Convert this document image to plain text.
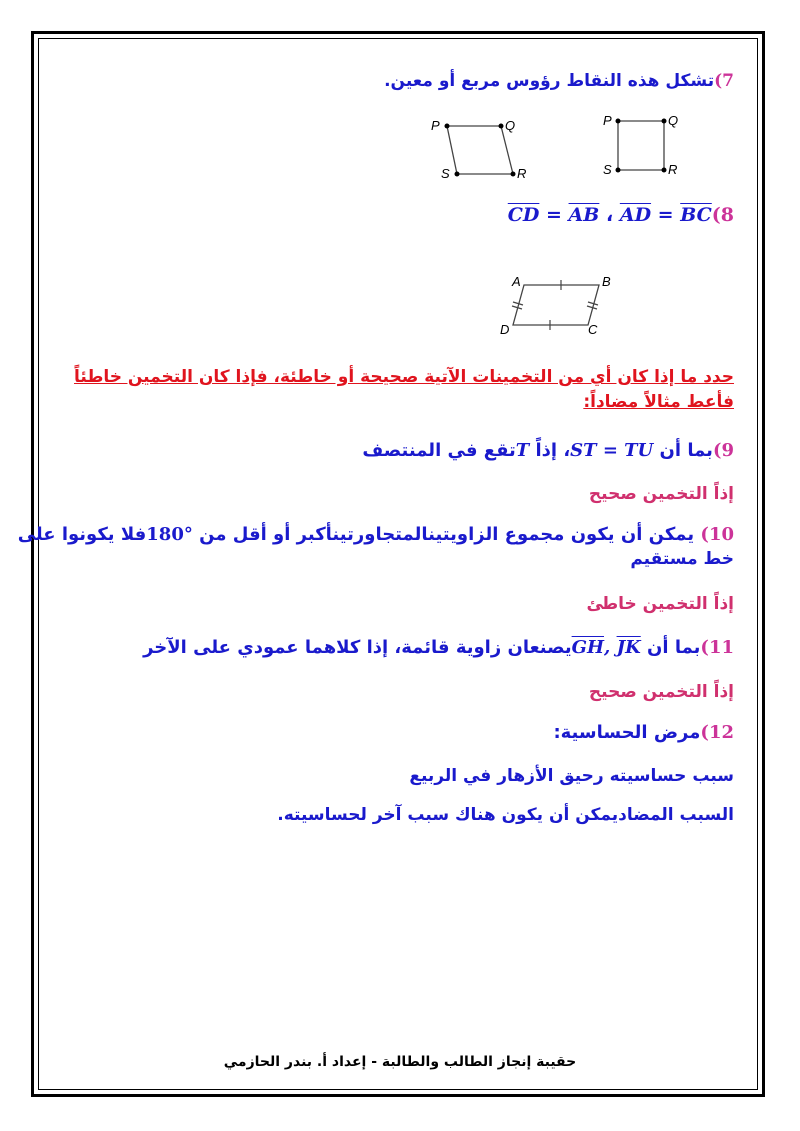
7)تشكل هذه النقاط رؤوس مربع أو معين.
P	Q
S	R
P	Q
S	R
8)CD = AB ، AD = BC
A	B
C
D
حدد ما إذا كان أي من التخمينات الآتية صحيحة أو خاطئة، فإذا كان التخمين خاطئاً
فأعط مثالاً مضاداً:
9)بما أن ST = TU، إذاً Tتقع في المنتصف
إذاً التخمين صحيح
10) يمكن أن يكون مجموع الزاويتينالمتجاورتينأكبر أو أقل من °180فلا يكونوا على
خط مستقيم
إذاً التخمين خاطئ
11)بما أن GH, JKيصنعان زاوية قائمة، إذا كلاهما عمودي على الآخر
إذاً التخمين صحيح
12)مرض الحساسية:
سبب حساسيته رحيق الأزهار في الربيع
السبب المضاديمكن أن يكون هناك سبب آخر لحساسيته.
حقيبة إنجاز الطالب والطالبة - إعداد أ. بندر الحازمي
